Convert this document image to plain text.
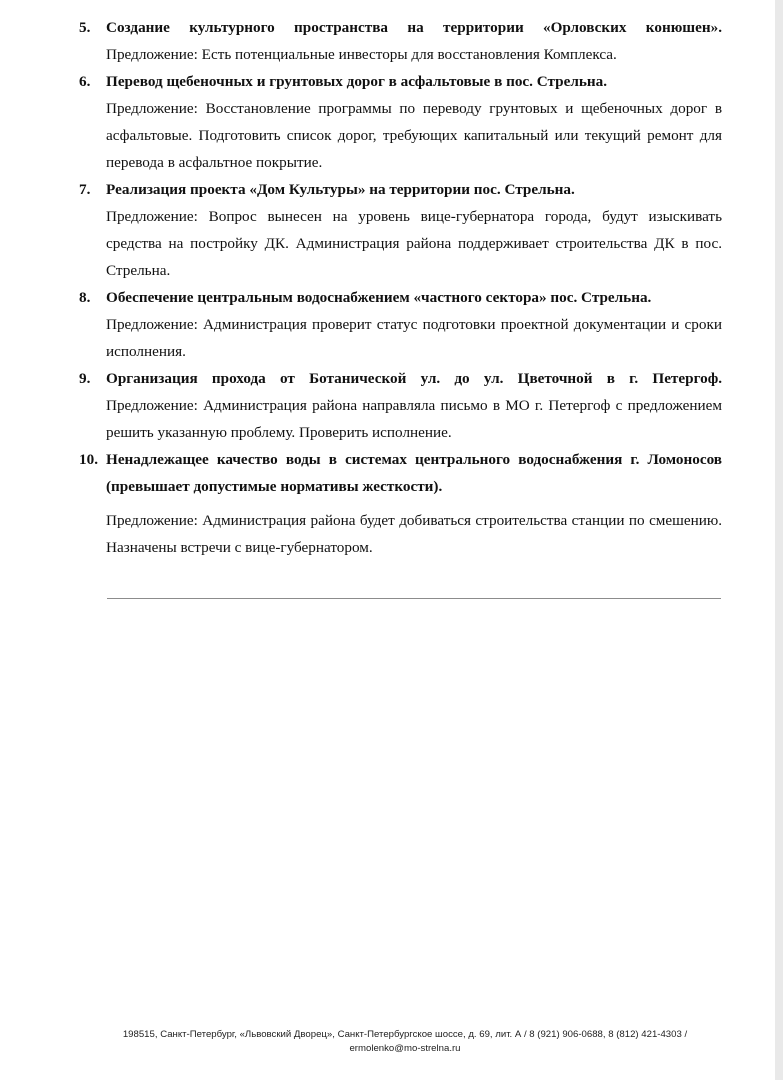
5. Создание культурного пространства на территории «Орловских конюшен».
Предложение: Есть потенциальные инвесторы для восстановления Комплекса.
6. Перевод щебеночных и грунтовых дорог в асфальтовые в пос. Стрельна.
Предложение: Восстановление программы по переводу грунтовых и щебеночных дорог в асфальтовые. Подготовить список дорог, требующих капитальный или текущий ремонт для перевода в асфальтное покрытие.
7. Реализация проекта «Дом Культуры» на территории пос. Стрельна.
Предложение: Вопрос вынесен на уровень вице-губернатора города, будут изыскивать средства на постройку ДК. Администрация района поддерживает строительства ДК в пос. Стрельна.
8. Обеспечение центральным водоснабжением «частного сектора» пос. Стрельна.
Предложение: Администрация проверит статус подготовки проектной документации и сроки исполнения.
9. Организация прохода от Ботанической ул. до ул. Цветочной в г. Петергоф.
Предложение: Администрация района направляла письмо в МО г. Петергоф с предложением решить указанную проблему. Проверить исполнение.
10. Ненадлежащее качество воды в системах центрального водоснабжения г. Ломоносов (превышает допустимые нормативы жесткости).
Предложение: Администрация района будет добиваться строительства станции по смешению. Назначены встречи с вице-губернатором.
198515, Санкт-Петербург, «Львовский Дворец», Санкт-Петербургское шоссе, д. 69, лит. А / 8 (921) 906-0688, 8 (812) 421-4303 /
ermolenko@mo-strelna.ru
